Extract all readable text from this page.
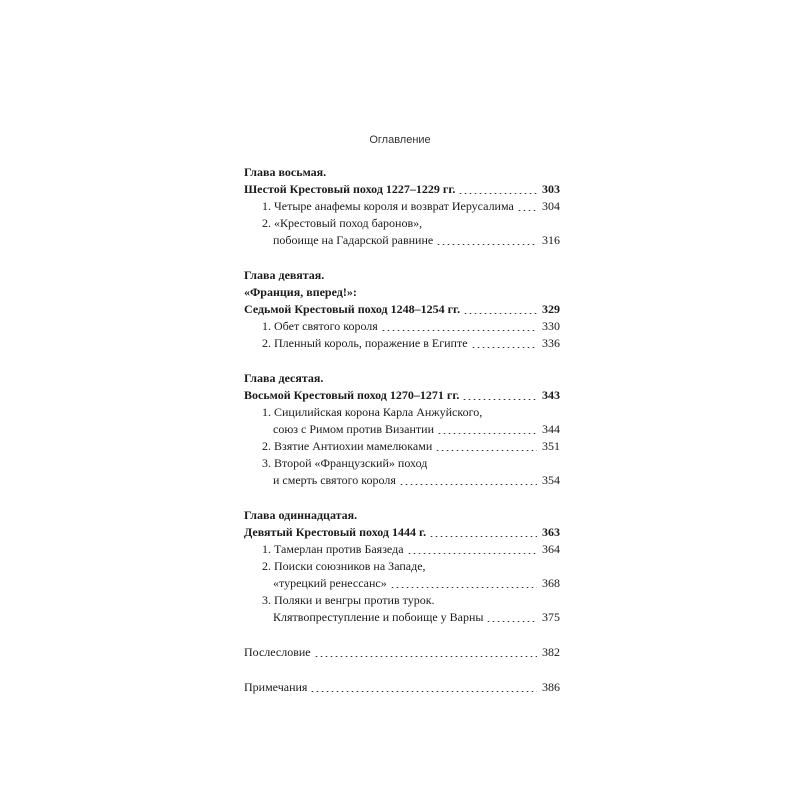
Оглавление
Глава восьмая.
Шестой Крестовый поход 1227–1229 гг.	303
1. Четыре анафемы короля и возврат Иерусалима 304
2. «Крестовый поход баронов»,
побоище на Гадарской равнине	316
Глава девятая.
«Франция, вперед!»:
Седьмой Крестовый поход 1248–1254 гг.	329
1. Обет святого короля	330
2. Пленный король, поражение в Египте	336
Глава десятая.
Восьмой Крестовый поход 1270–1271 гг.	343
1. Сицилийская корона Карла Анжуйского,
союз с Римом против Византии	344
2. Взятие Антиохии мамелюками	351
3. Второй «Французский» поход
и смерть святого короля	354
Глава одиннадцатая.
Девятый Крестовый поход 1444 г.	363
1. Тамерлан против Баязеда	364
2. Поиски союзников на Западе,
«турецкий ренессанс»	368
3. Поляки и венгры против турок.
Клятвопреступление и побоище у Варны	375
Послесловие	382
Примечания	386
